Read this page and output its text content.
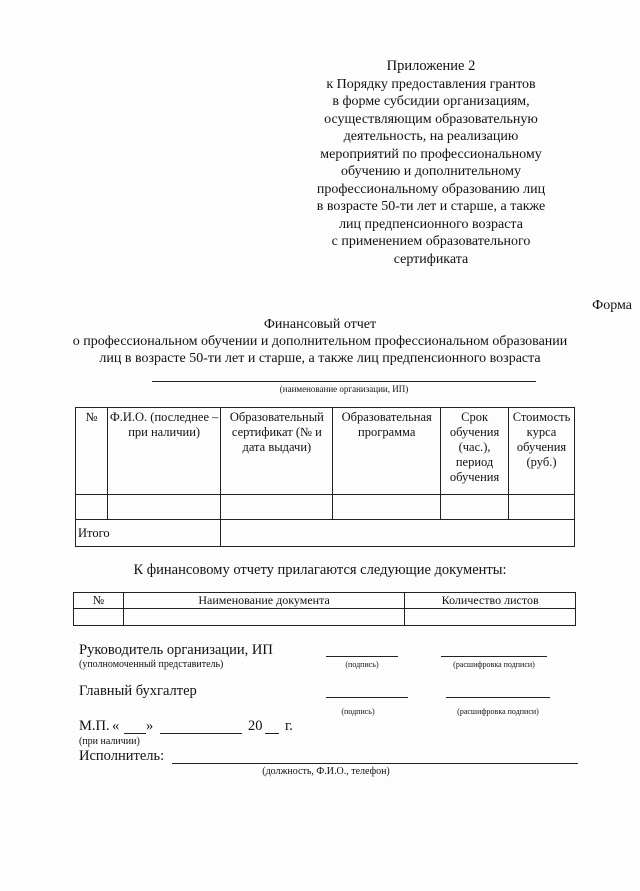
Приложение 2
к Порядку предоставления грантов
в форме субсидии организациям,
осуществляющим образовательную
деятельность, на реализацию
мероприятий по профессиональному
обучению и дополнительному
профессиональному образованию лиц
в возрасте 50-ти лет и старше, а также
лиц предпенсионного возраста
с применением образовательного
сертификата
Форма
Финансовый отчет
о профессиональном обучении и дополнительном профессиональном образовании
лиц в возрасте 50-ти лет и старше, а также лиц предпенсионного возраста
(наименование организации, ИП)
№	Ф.И.О. (последнее – при наличии)	Образовательный сертификат (№ и дата выдачи)	Образовательная программа	Срок обучения (час.), период обучения	Стоимость курса обучения (руб.)

Итого					
К финансовому отчету прилагаются следующие документы:
№	Наименование документа	Количество листов

Руководитель организации, ИП
(уполномоченный представитель)	(подпись)	(расшифровка подписи)
Главный бухгалтер
(подпись)	(расшифровка подписи)
М.П. « »	20 г.
(при наличии)
Исполнитель:
(должность, Ф.И.О., телефон)
